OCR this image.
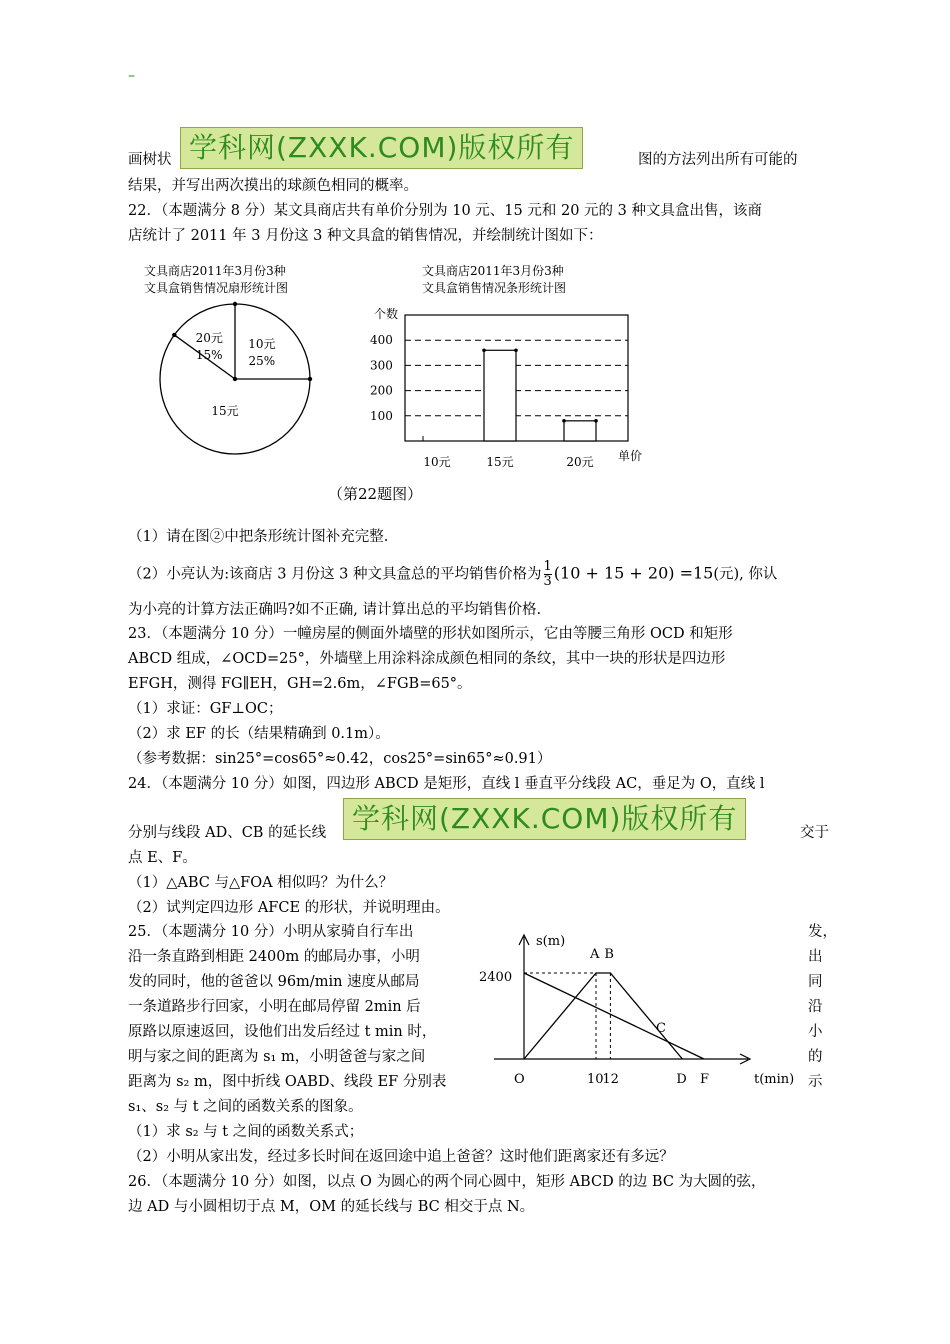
–
学科网(ZXXK.COM)版权所有
画树状	图的方法列出所有可能的
结果，并写出两次摸出的球颜色相同的概率。
22．（本题满分 8 分）某文具商店共有单价分别为 10 元、15 元和 20 元的 3 种文具盒出售，该商
店统计了 2011 年 3 月份这 3 种文具盒的销售情况，并绘制统计图如下：
文具商店2011年3月份3种
文具盒销售情况扇形统计图
10元
25%
20元
15%
15元
文具商店2011年3月份3种
文具盒销售情况条形统计图
个数
100
200
300
400
10元	15元	20元 单价
（第22题图）
（1）请在图②中把条形统计图补充完整.
（2）小亮认为:该商店 3 月份这 3 种文具盒总的平均销售价格为 $\frac{1}{3} (10 + 15 + 20) =15$(元), 你认
为小亮的计算方法正确吗?如不正确, 请计算出总的平均销售价格.
23．（本题满分 10 分）一幢房屋的侧面外墙壁的形状如图所示，它由等腰三角形 OCD 和矩形
ABCD 组成，∠OCD=25°，外墙壁上用涂料涂成颜色相同的条纹，其中一块的形状是四边形
EFGH，测得 FG∥EH，GH=2.6m，∠FGB=65°。
（1）求证：GF⊥OC；
（2）求 EF 的长（结果精确到 0.1m）。
（参考数据：sin25°=cos65°≈0.42，cos25°=sin65°≈0.91）
24．（本题满分 10 分）如图，四边形 ABCD 是矩形，直线 l 垂直平分线段 AC，垂足为 O，直线 l
学科网(ZXXK.COM)版权所有
分别与线段 AD、CB 的延长线	交于
点 E、F。
（1）△ABC 与△FOA 相似吗？为什么？
（2）试判定四边形 AFCE 的形状，并说明理由。
25．（本题满分 10 分）小明从家骑自行车出
沿一条直路到相距 2400m 的邮局办事，小明
发的同时，他的爸爸以 96m/min 速度从邮局
一条道路步行回家，小明在邮局停留 2min 后
原路以原速返回，设他们出发后经过 t min 时，
明与家之间的距离为 s₁ m，小明爸爸与家之间
距离为 s₂ m，图中折线 OABD、线段 EF 分别表
s₁、s₂ 与 t 之间的函数关系的图象。
发，
出
同
沿
小
的
示
s(m)
t(min)
2400
O
A B
10
12	D F
C
（1）求 s₂ 与 t 之间的函数关系式；
（2）小明从家出发，经过多长时间在返回途中追上爸爸？这时他们距离家还有多远？
26．（本题满分 10 分）如图，以点 O 为圆心的两个同心圆中，矩形 ABCD 的边 BC 为大圆的弦，
边 AD 与小圆相切于点 M，OM 的延长线与 BC 相交于点 N。
